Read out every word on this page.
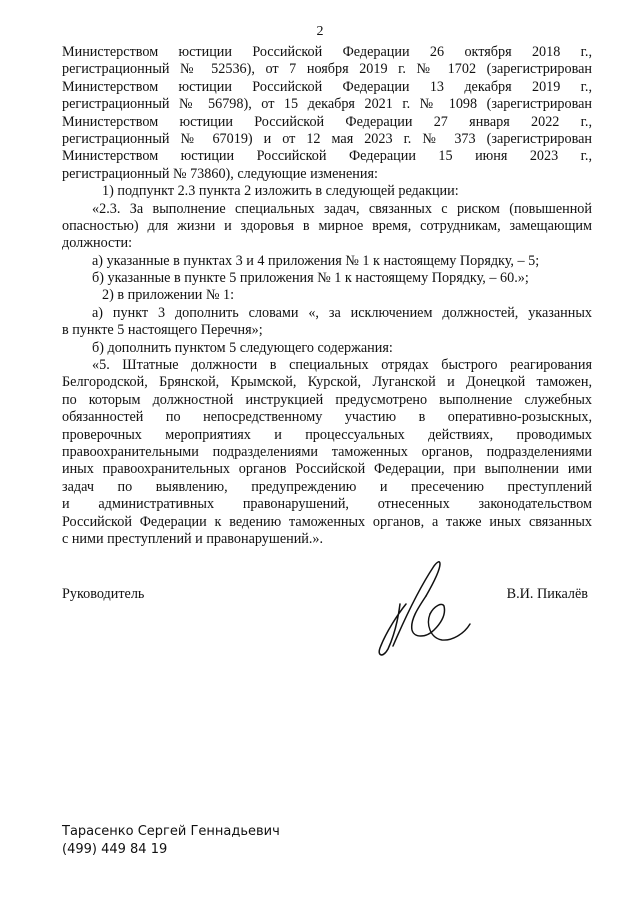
2
Министерством юстиции Российской Федерации 26 октября 2018 г.,
регистрационный № 52536), от 7 ноября 2019 г. № 1702 (зарегистрирован
Министерством юстиции Российской Федерации 13 декабря 2019 г.,
регистрационный № 56798), от 15 декабря 2021 г. № 1098 (зарегистрирован
Министерством юстиции Российской Федерации 27 января 2022 г.,
регистрационный № 67019) и от 12 мая 2023 г. № 373 (зарегистрирован
Министерством юстиции Российской Федерации 15 июня 2023 г.,
регистрационный № 73860), следующие изменения:
1) подпункт 2.3 пункта 2 изложить в следующей редакции:
«2.3. За выполнение специальных задач, связанных с риском (повышенной
опасностью) для жизни и здоровья в мирное время, сотрудникам, замещающим
должности:
а) указанные в пунктах 3 и 4 приложения № 1 к настоящему Порядку, – 5;
б) указанные в пункте 5 приложения № 1 к настоящему Порядку, – 60.»;
2) в приложении № 1:
а) пункт 3 дополнить словами «, за исключением должностей, указанных
в пункте 5 настоящего Перечня»;
б) дополнить пунктом 5 следующего содержания:
«5. Штатные должности в специальных отрядах быстрого реагирования
Белгородской, Брянской, Крымской, Курской, Луганской и Донецкой таможен,
по которым должностной инструкцией предусмотрено выполнение служебных
обязанностей по непосредственному участию в оперативно-розыскных,
проверочных мероприятиях и процессуальных действиях, проводимых
правоохранительными подразделениями таможенных органов, подразделениями
иных правоохранительных органов Российской Федерации, при выполнении ими
задач по выявлению, предупреждению и пресечению преступлений
и административных правонарушений, отнесенных законодательством
Российской Федерации к ведению таможенных органов, а также иных связанных
с ними преступлений и правонарушений.».
Руководитель	В.И. Пикалёв
Тарасенко Сергей Геннадьевич
(499) 449 84 19
